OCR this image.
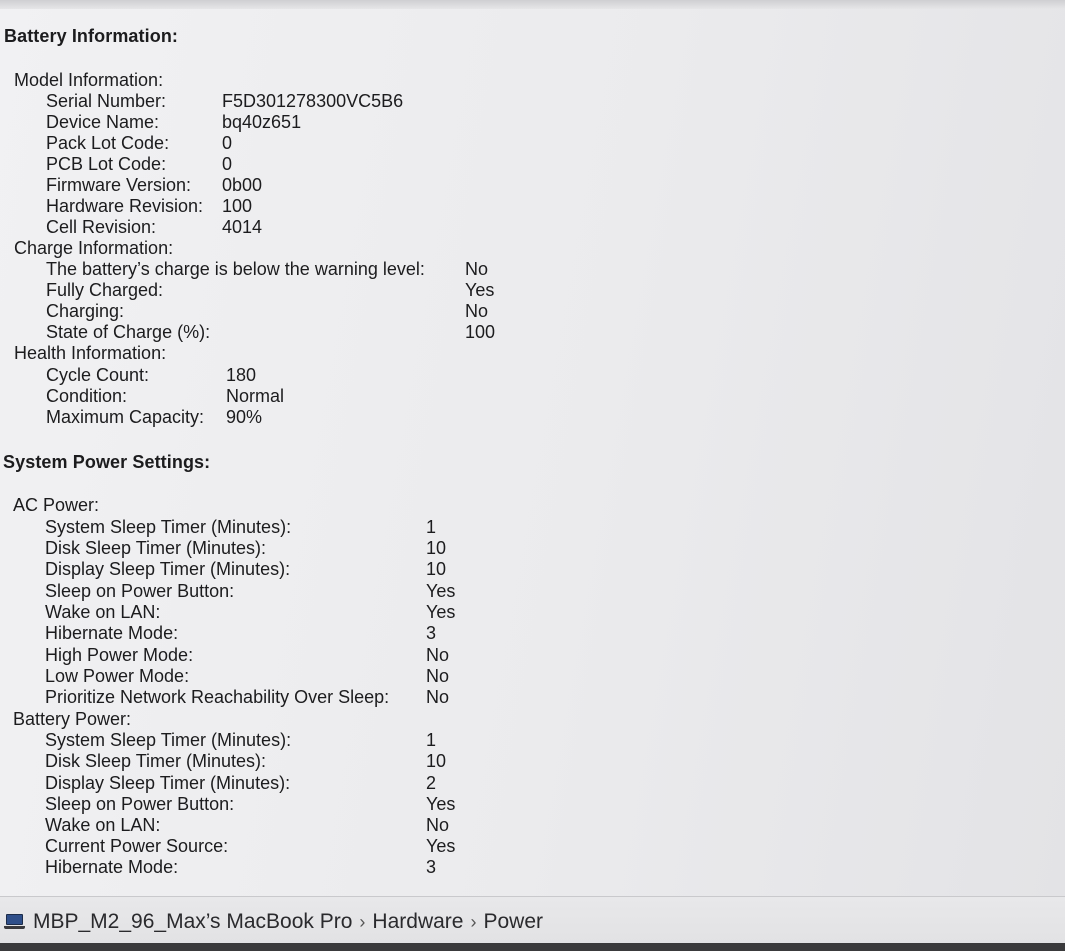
Battery Information:
Model Information:
Serial Number:	F5D301278300VC5B6
Device Name:	bq40z651
Pack Lot Code:	0
PCB Lot Code:	0
Firmware Version: 0b00
Hardware Revision: 100
Cell Revision:	4014
Charge Information:
The battery’s charge is below the warning level: No
Fully Charged:	Yes
Charging:	No
State of Charge (%):	100
Health Information:
Cycle Count:	180
Condition:	Normal
Maximum Capacity: 90%
System Power Settings:
AC Power:
System Sleep Timer (Minutes):	1
Disk Sleep Timer (Minutes):	10
Display Sleep Timer (Minutes):	10
Sleep on Power Button:	Yes
Wake on LAN:	Yes
Hibernate Mode:	3
High Power Mode:	No
Low Power Mode:	No
Prioritize Network Reachability Over Sleep: No
Battery Power:
System Sleep Timer (Minutes):	1
Disk Sleep Timer (Minutes):	10
Display Sleep Timer (Minutes):	2
Sleep on Power Button:	Yes
Wake on LAN:	No
Current Power Source:	Yes
Hibernate Mode:	3
MBP_M2_96_Max’s MacBook Pro › Hardware › Power
